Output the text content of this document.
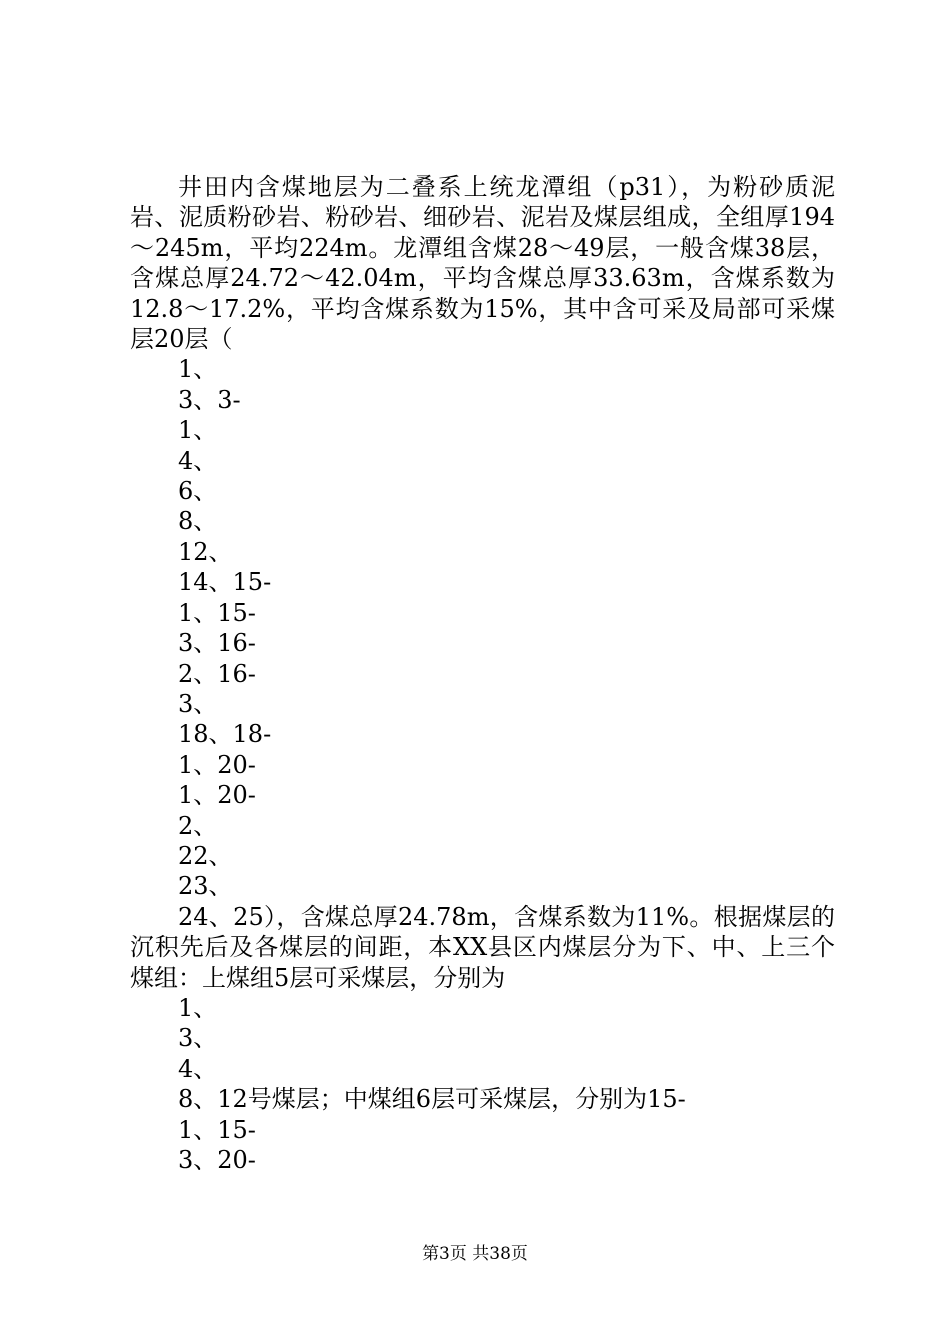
井田内含煤地层为二叠系上统龙潭组（p31），为粉砂质泥岩、泥质粉砂岩、粉砂岩、细砂岩、泥岩及煤层组成，全组厚194～245m，平均224m。龙潭组含煤28～49层，一般含煤38层，含煤总厚24.72～42.04m，平均含煤总厚33.63m，含煤系数为12.8～17.2%，平均含煤系数为15%，其中含可采及局部可采煤层20层（

1、

3、3-

1、

4、

6、

8、

12、

14、15-

1、15-

3、16-

2、16-

3、

18、18-

1、20-

1、20-

2、

22、

23、

24、25），含煤总厚24.78m，含煤系数为11%。根据煤层的沉积先后及各煤层的间距，本XX县区内煤层分为下、中、上三个煤组：上煤组5层可采煤层，分别为

1、

3、

4、

8、12号煤层；中煤组6层可采煤层，分别为15-

1、15-

3、20-

第3页 共38页
